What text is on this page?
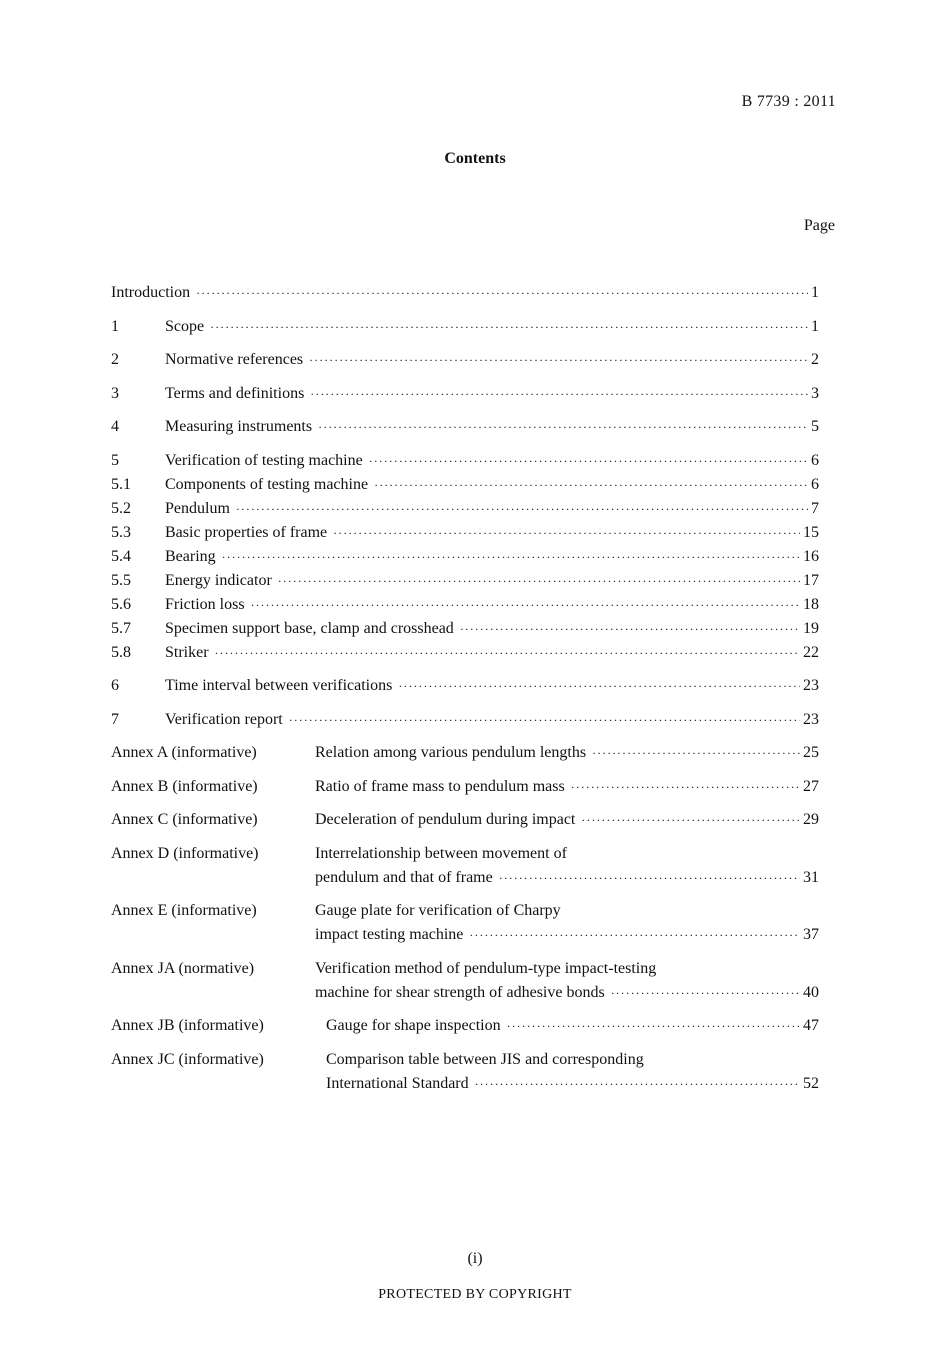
B 7739 : 2011
Contents
Page
Introduction ·····	1
1	Scope ·····	1
2	Normative references ·····	2
3	Terms and definitions ·····	3
4	Measuring instruments ·····	5
5	Verification of testing machine ·····	6
5.1 Components of testing machine ·····	6
5.2 Pendulum ·····	7
5.3 Basic properties of frame ·····	15
5.4 Bearing ·····	16
5.5 Energy indicator ·····	17
5.6 Friction loss ·····	18
5.7 Specimen support base, clamp and crosshead ·····	19
5.8 Striker ·····	22
6	Time interval between verifications ·····	23
7	Verification report ·····	23
Annex A (informative)	Relation among various pendulum lengths ·····	25
Annex B (informative)	Ratio of frame mass to pendulum mass ·····	27
Annex C (informative)	Deceleration of pendulum during impact ·····	29
Annex D (informative)	Interrelationship between movement of
pendulum and that of frame ·····	31
Annex E (informative)	Gauge plate for verification of Charpy
impact testing machine ·····	37
Annex JA (normative)	Verification method of pendulum-type impact-testing
machine for shear strength of adhesive bonds ·····	40
Annex JB (informative)	Gauge for shape inspection ·····	47
Annex JC (informative)	Comparison table between JIS and corresponding
International Standard ·····	52
(i)
PROTECTED BY COPYRIGHT
